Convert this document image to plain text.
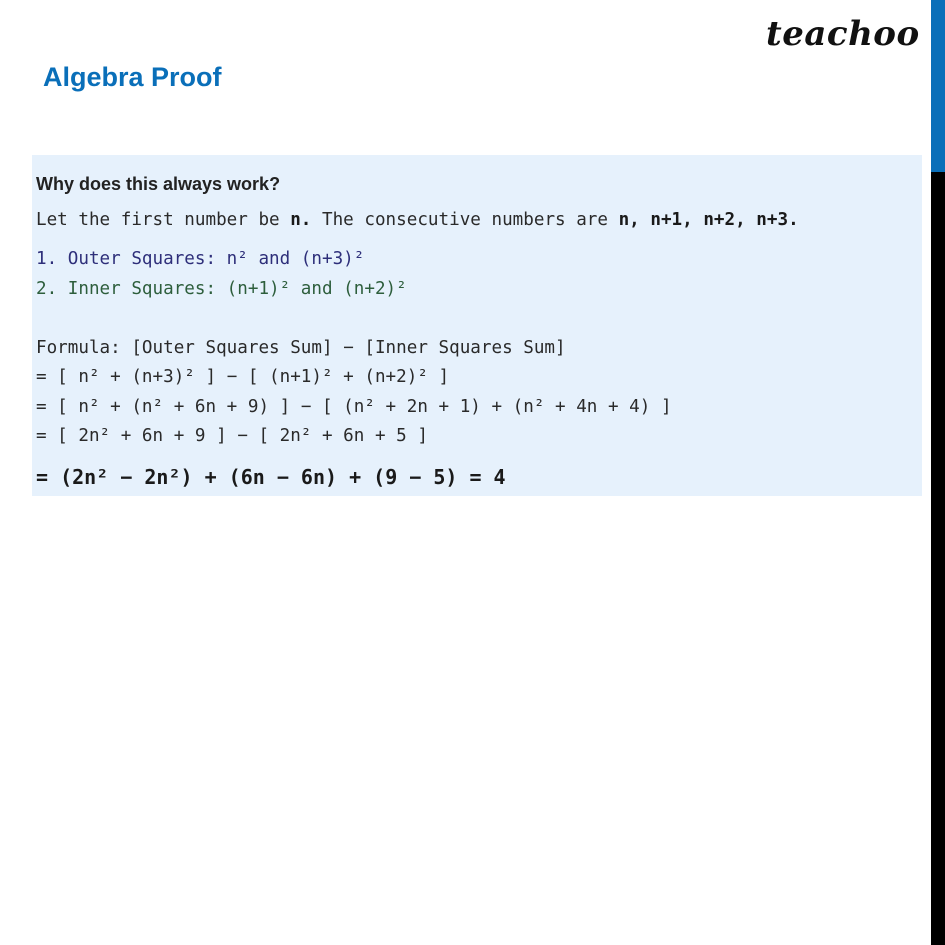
teachoo
Algebra Proof
Why does this always work?
Let the first number be n. The consecutive numbers are n, n+1, n+2, n+3.
1. Outer Squares: n² and (n+3)²
2. Inner Squares: (n+1)² and (n+2)²
Formula: [Outer Squares Sum] − [Inner Squares Sum]
= [ n² + (n+3)² ] − [ (n+1)² + (n+2)² ]
= [ n² + (n² + 6n + 9) ] − [ (n² + 2n + 1) + (n² + 4n + 4) ]
= [ 2n² + 6n + 9 ] − [ 2n² + 6n + 5 ]
= (2n² − 2n²) + (6n − 6n) + (9 − 5) = 4
